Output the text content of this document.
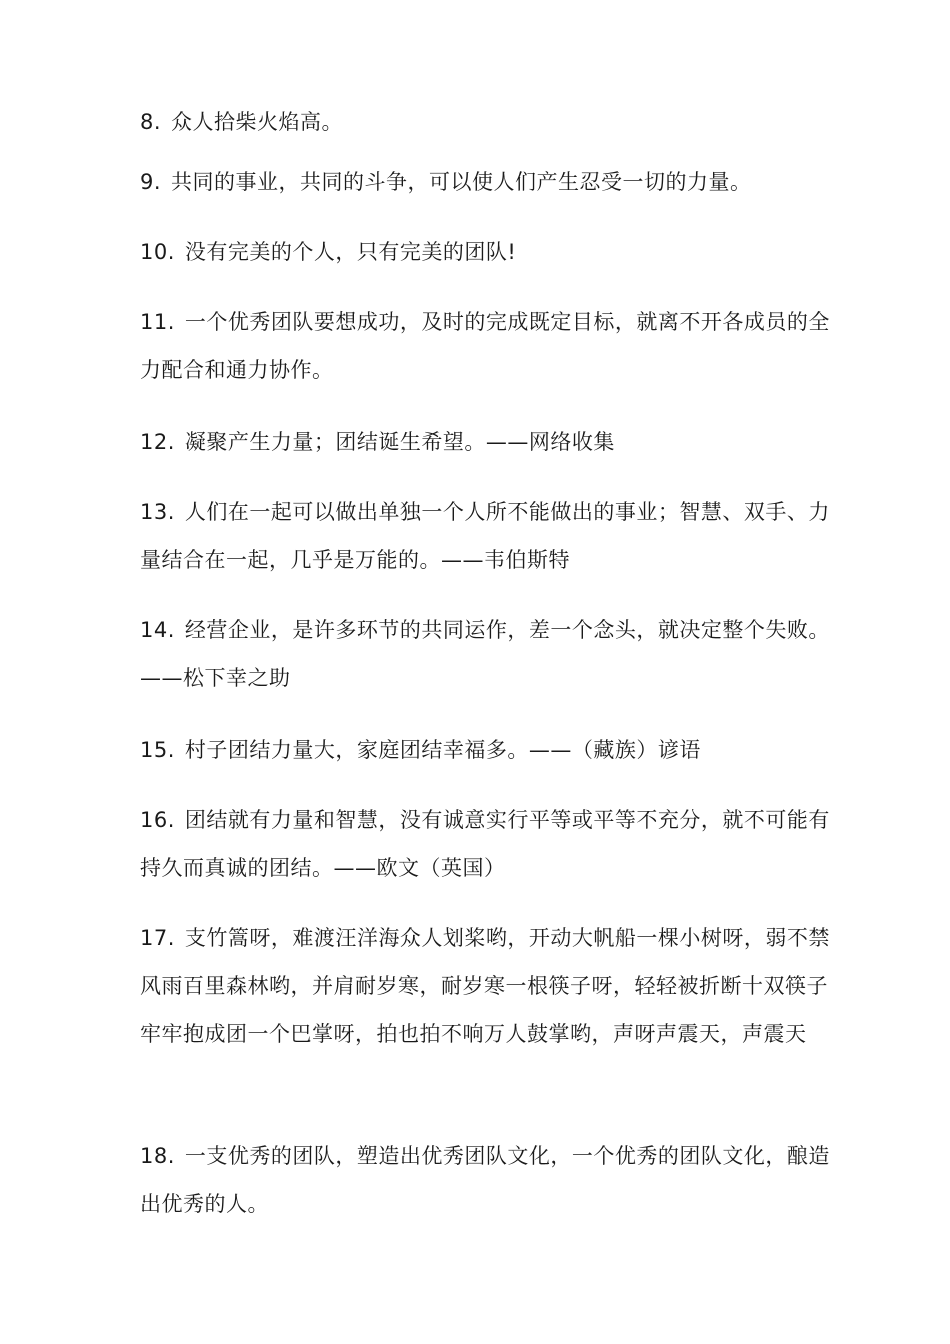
8. 众人拾柴火焰高。

9. 共同的事业，共同的斗争，可以使人们产生忍受一切的力量。

10. 没有完美的个人，只有完美的团队!

11. 一个优秀团队要想成功，及时的完成既定目标，就离不开各成员的全力配合和通力协作。

12. 凝聚产生力量；团结诞生希望。——网络收集

13. 人们在一起可以做出单独一个人所不能做出的事业；智慧、双手、力量结合在一起，几乎是万能的。——韦伯斯特

14. 经营企业，是许多环节的共同运作，差一个念头，就决定整个失败。——松下幸之助

15. 村子团结力量大，家庭团结幸福多。——（藏族）谚语

16. 团结就有力量和智慧，没有诚意实行平等或平等不充分，就不可能有持久而真诚的团结。——欧文（英国）

17. 支竹篙呀，难渡汪洋海众人划桨哟，开动大帆船一棵小树呀，弱不禁风雨百里森林哟，并肩耐岁寒，耐岁寒一根筷子呀，轻轻被折断十双筷子牢牢抱成团一个巴掌呀，拍也拍不响万人鼓掌哟，声呀声震天，声震天

18. 一支优秀的团队，塑造出优秀团队文化，一个优秀的团队文化，酿造出优秀的人。
